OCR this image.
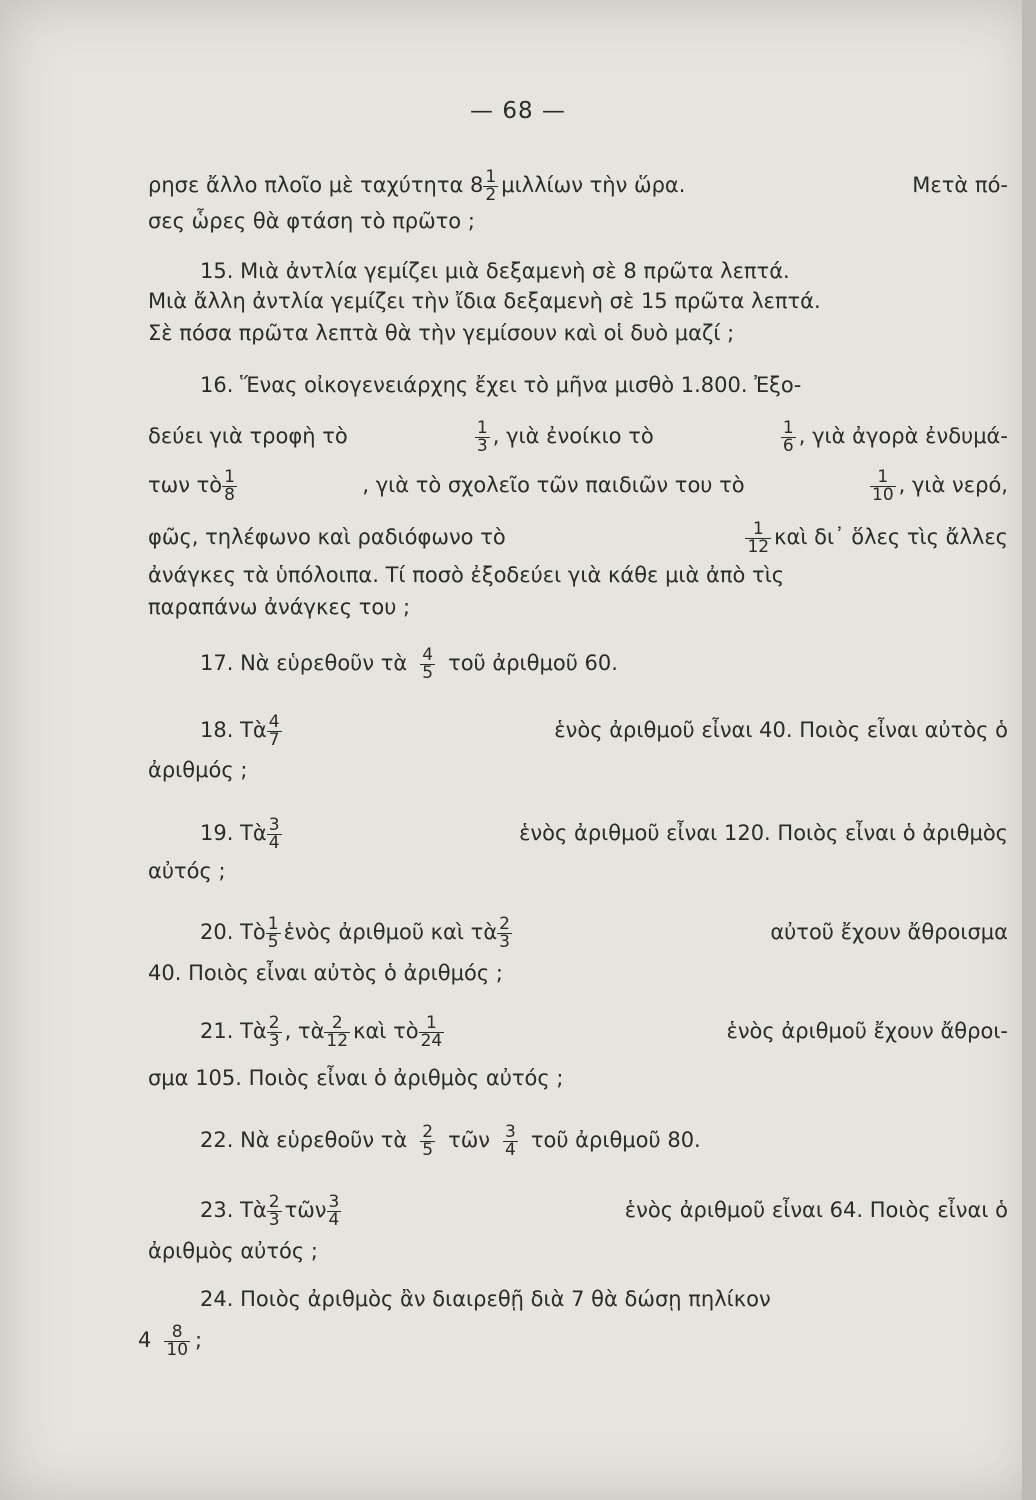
— 68 —
ρησε ἄλλο πλοῖο μὲ ταχύτητα $8 \frac{1}{2}$ μιλλίων τὴν ὥρα.	Μετὰ πό-
σες ὧρες θὰ φτάση τὸ πρῶτο ;
15. Μιὰ ἀντλία γεμίζει μιὰ δεξαμενὴ σὲ 8 πρῶτα λεπτά.
Μιὰ ἄλλη ἀντλία γεμίζει τὴν ἴδια δεξαμενὴ σὲ 15 πρῶτα λεπτά.
Σὲ πόσα πρῶτα λεπτὰ θὰ τὴν γεμίσουν καὶ οἱ δυὸ μαζί ;
16. Ἕνας οἰκογενειάρχης ἔχει τὸ μῆνα μισθὸ 1.800. Ἐξο-
δεύει γιὰ τροφὴ τὸ	$\frac{1}{3}$ , γιὰ ἐνοίκιο τὸ	$\frac{1}{6}$ , γιὰ ἀγορὰ ἐνδυμά-
των τὸ $\frac{1}{8}$	, γιὰ τὸ σχολεῖο τῶν παιδιῶν του τὸ	$\frac{1}{10}$ , γιὰ νερό,
φῶς, τηλέφωνο καὶ ραδιόφωνο τὸ	$\frac{1}{12}$ καὶ δι᾽ ὅλες τὶς ἄλλες
ἀνάγκες τὰ ὑπόλοιπα. Τί ποσὸ ἐξοδεύει γιὰ κάθε μιὰ ἀπὸ τὶς
παραπάνω ἀνάγκες του ;
17. Νὰ εὑρεθοῦν τὰ $\frac{4}{5}$ τοῦ ἀριθμοῦ 60.
18. Τὰ $\frac{4}{7}$	ἑνὸς ἀριθμοῦ εἶναι 40. Ποιὸς εἶναι αὐτὸς ὁ
ἀριθμός ;
19. Τὰ $\frac{3}{4}$	ἑνὸς ἀριθμοῦ εἶναι 120. Ποιὸς εἶναι ὁ ἀριθμὸς
αὐτός ;
20. Τὸ $\frac{1}{5}$ ἑνὸς ἀριθμοῦ καὶ τὰ $\frac{2}{3}$	αὐτοῦ ἔχουν ἄθροισμα
40. Ποιὸς εἶναι αὐτὸς ὁ ἀριθμός ;
21. Τὰ $\frac{2}{3}$ , τὰ $\frac{2}{12}$ καὶ τὸ $\frac{1}{24}$	ἑνὸς ἀριθμοῦ ἔχουν ἄθροι-
σμα 105. Ποιὸς εἶναι ὁ ἀριθμὸς αὐτός ;
22. Νὰ εὑρεθοῦν τὰ $\frac{2}{5}$ τῶν $\frac{3}{4}$ τοῦ ἀριθμοῦ 80.
23. Τὰ $\frac{2}{3}$ τῶν $\frac{3}{4}$	ἑνὸς ἀριθμοῦ εἶναι 64. Ποιὸς εἶναι ὁ
ἀριθμὸς αὐτός ;
24. Ποιὸς ἀριθμὸς ἂν διαιρεθῇ διὰ 7 θὰ δώσῃ πηλίκον
$4 \frac{8}{10}$ ;
